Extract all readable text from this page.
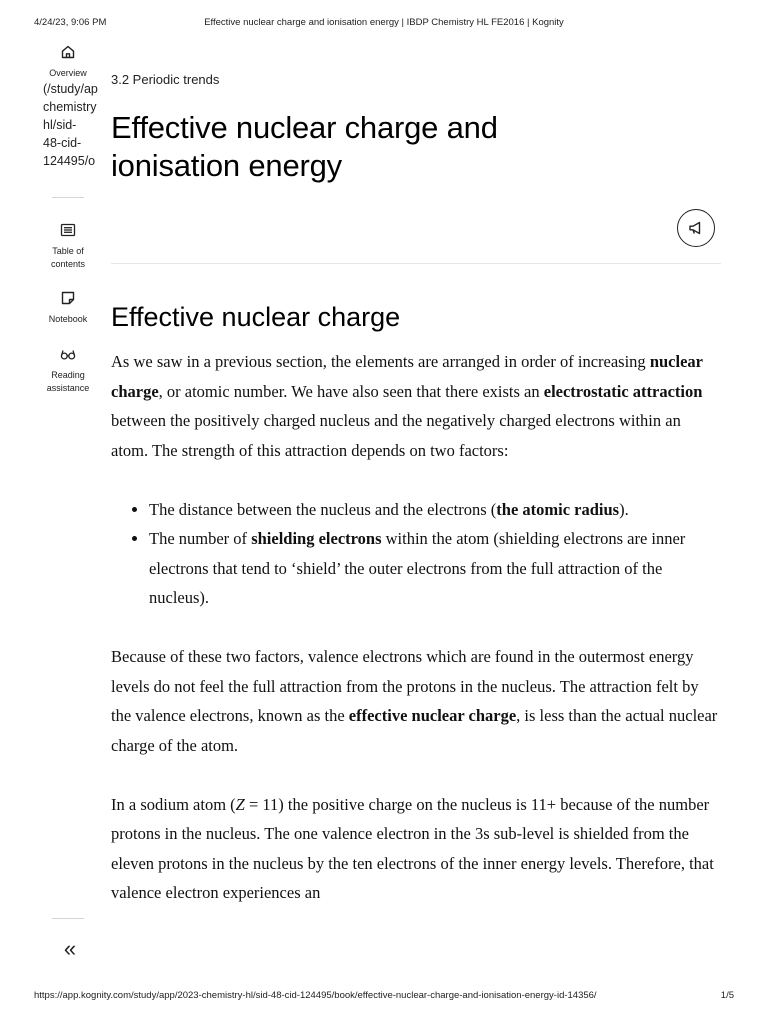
4/24/23, 9:06 PM	Effective nuclear charge and ionisation energy | IBDP Chemistry HL FE2016 | Kognity
Overview
(/study/ap
chemistry
hl/sid-
48-cid-
124495/o
Table of
contents
Notebook
Reading
assistance
«
3.2 Periodic trends
Effective nuclear charge and
ionisation energy
Effective nuclear charge

As we saw in a previous section, the elements are arranged in order of increasing nuclear charge, or atomic number. We have also seen that there exists an electrostatic attraction between the positively charged nucleus and the negatively charged electrons within an atom. The strength of this attraction depends on two factors:

• The distance between the nucleus and the electrons (the atomic radius).
• The number of shielding electrons within the atom (shielding electrons are inner electrons that tend to ‘shield’ the outer electrons from the full attraction of the nucleus).

Because of these two factors, valence electrons which are found in the outermost energy levels do not feel the full attraction from the protons in the nucleus. The attraction felt by the valence electrons, known as the effective nuclear charge, is less than the actual nuclear charge of the atom.

In a sodium atom (Z = 11) the positive charge on the nucleus is 11+ because of the number protons in the nucleus. The one valence electron in the 3s sub-level is shielded from the eleven protons in the nucleus by the ten electrons of the inner energy levels. Therefore, that valence electron experiences an

https://app.kognity.com/study/app/2023-chemistry-hl/sid-48-cid-124495/book/effective-nuclear-charge-and-ionisation-energy-id-14356/	1/5
